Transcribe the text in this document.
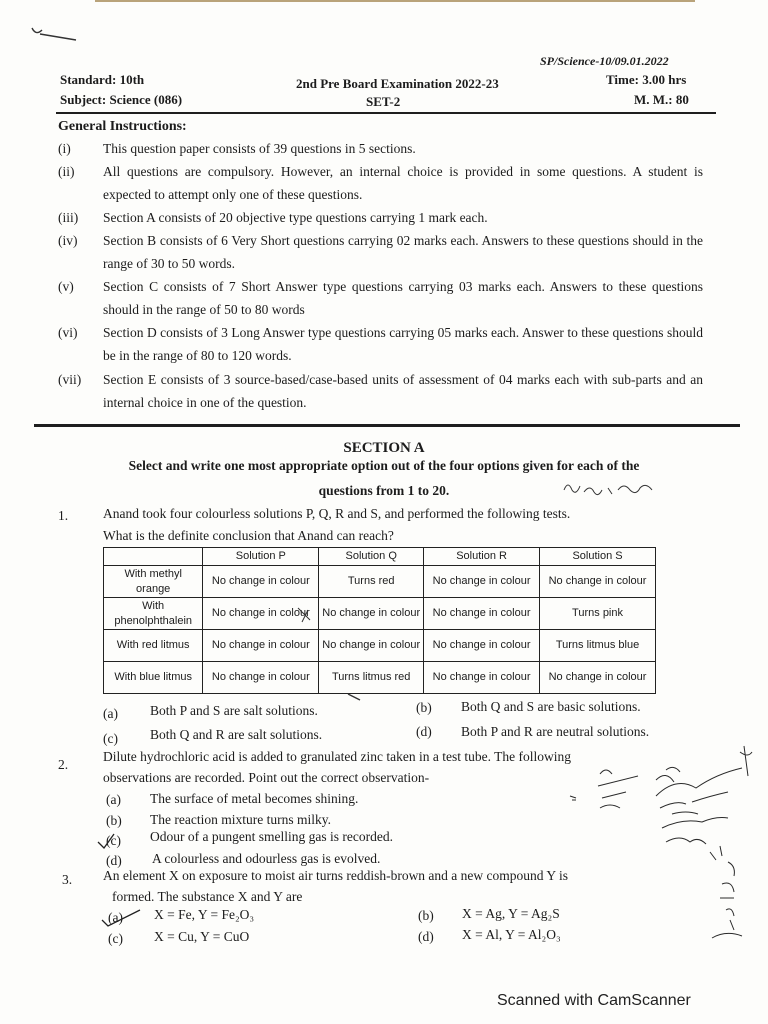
SP/Science-10/09.01.2022
Standard: 10th
Subject: Science (086)
2nd Pre Board Examination 2022-23
SET-2
Time: 3.00 hrs
M. M.: 80
General Instructions:
(i)	This question paper consists of 39 questions in 5 sections.
(ii)	All questions are compulsory. However, an internal choice is provided in some questions. A student is expected to attempt only one of these questions.
(iii)	Section A consists of 20 objective type questions carrying 1 mark each.
(iv)	Section B consists of 6 Very Short questions carrying 02 marks each. Answers to these questions should in the range of 30 to 50 words.
(v)	Section C consists of 7 Short Answer type questions carrying 03 marks each. Answers to these questions should in the range of 50 to 80 words
(vi)	Section D consists of 3 Long Answer type questions carrying 05 marks each. Answer to these questions should be in the range of 80 to 120 words.
(vii)	Section E consists of 3 source-based/case-based units of assessment of 04 marks each with sub-parts and an internal choice in one of the question.
SECTION A
Select and write one most appropriate option out of the four options given for each of the
questions from 1 to 20.
1.	Anand took four colourless solutions P, Q, R and S, and performed the following tests.
What is the definite conclusion that Anand can reach?
	Solution P	Solution Q	Solution R	Solution S
With methyl orange	No change in colour	Turns red	No change in colour	No change in colour
With phenolphthalein	No change in colour	No change in colour	No change in colour	Turns pink
With red litmus	No change in colour	No change in colour	No change in colour	Turns litmus blue
With blue litmus	No change in colour	Turns litmus red	No change in colour	No change in colour
(a) Both P and S are salt solutions.	(b) Both Q and S are basic solutions.
(c) Both Q and R are salt solutions.	(d) Both P and R are neutral solutions.
2.
Dilute hydrochloric acid is added to granulated zinc taken in a test tube. The following
observations are recorded. Point out the correct observation-
(a) The surface of metal becomes shining.
(b) The reaction mixture turns milky.
(c) Odour of a pungent smelling gas is recorded.
(d) A colourless and odourless gas is evolved.
3. An element X on exposure to moist air turns reddish-brown and a new compound Y is
formed. The substance X and Y are
(a) X = Fe, Y = Fe₂O₃	(b) X = Ag, Y = Ag₂S
(c) X = Cu, Y = CuO	(d) X = Al, Y = Al₂O₃
Scanned with CamScanner
